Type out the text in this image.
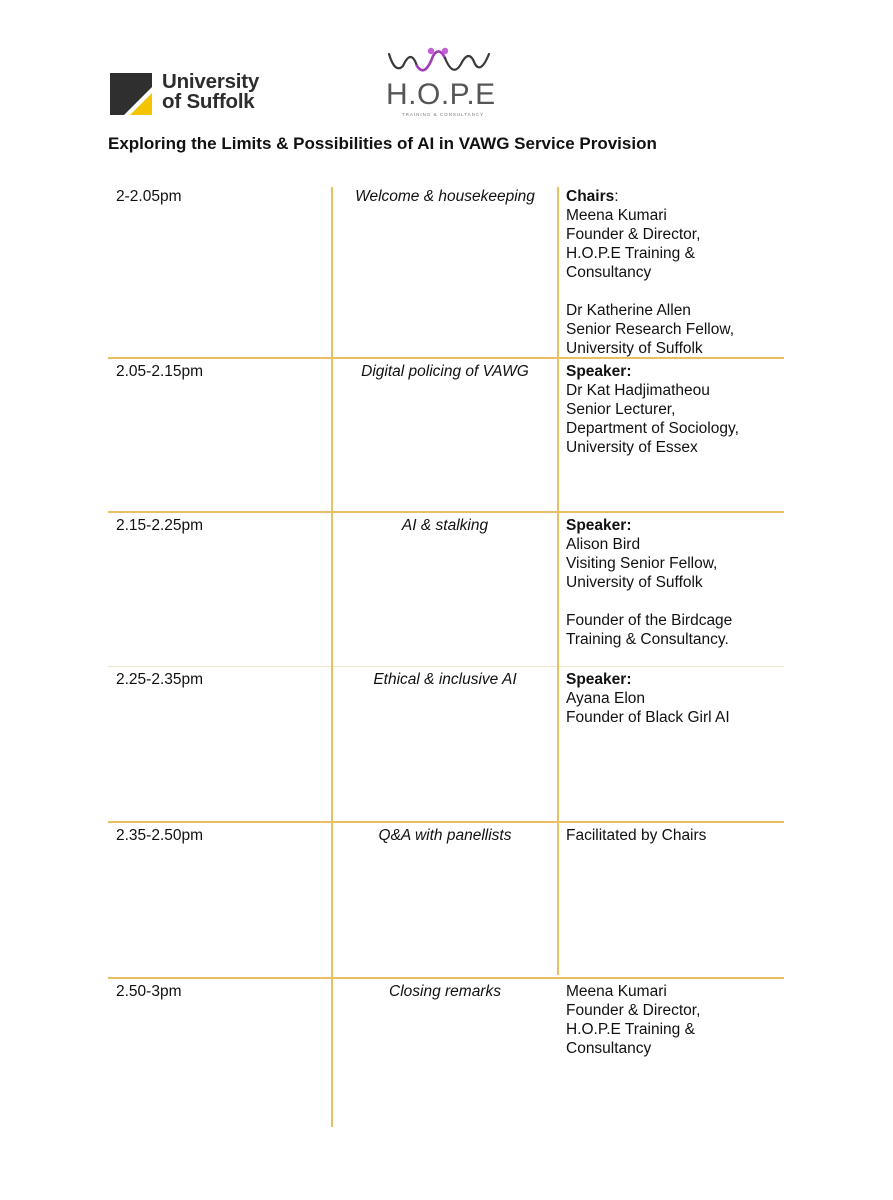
University
of Suffolk	H.O.P.E
TRAINING & CONSULTANCY
Exploring the Limits & Possibilities of AI in VAWG Service Provision
2-2.05pm	Welcome & housekeeping	Chairs:
Meena Kumari
Founder & Director,
H.O.P.E Training &
Consultancy
Dr Katherine Allen
Senior Research Fellow,
University of Suffolk
2.05-2.15pm	Digital policing of VAWG	Speaker:
Dr Kat Hadjimatheou
Senior Lecturer,
Department of Sociology,
University of Essex
2.15-2.25pm	AI & stalking	Speaker:
Alison Bird
Visiting Senior Fellow,
University of Suffolk
Founder of the Birdcage
Training & Consultancy.
2.25-2.35pm	Ethical & inclusive AI	Speaker:
Ayana Elon
Founder of Black Girl AI
2.35-2.50pm	Q&A with panellists	Facilitated by Chairs
2.50-3pm	Closing remarks	Meena Kumari
Founder & Director,
H.O.P.E Training &
Consultancy
